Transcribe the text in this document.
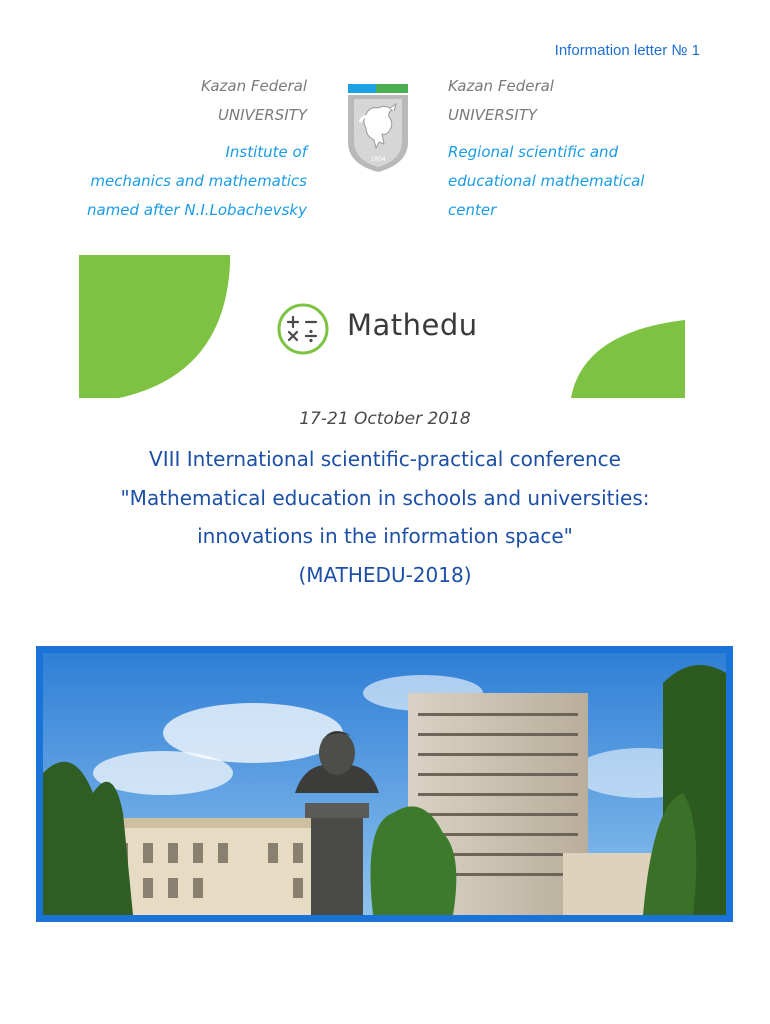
Information letter № 1
Kazan Federal
UNIVERSITY
Institute of
mechanics and mathematics
named after N.I.Lobachevsky
Kazan Federal
UNIVERSITY
Regional scientific and
educational mathematical
center
1804
Mathedu
17-21 October 2018
VIII International scientific-practical conference
"Mathematical education in schools and universities:
innovations in the information space"
(MATHEDU-2018)
